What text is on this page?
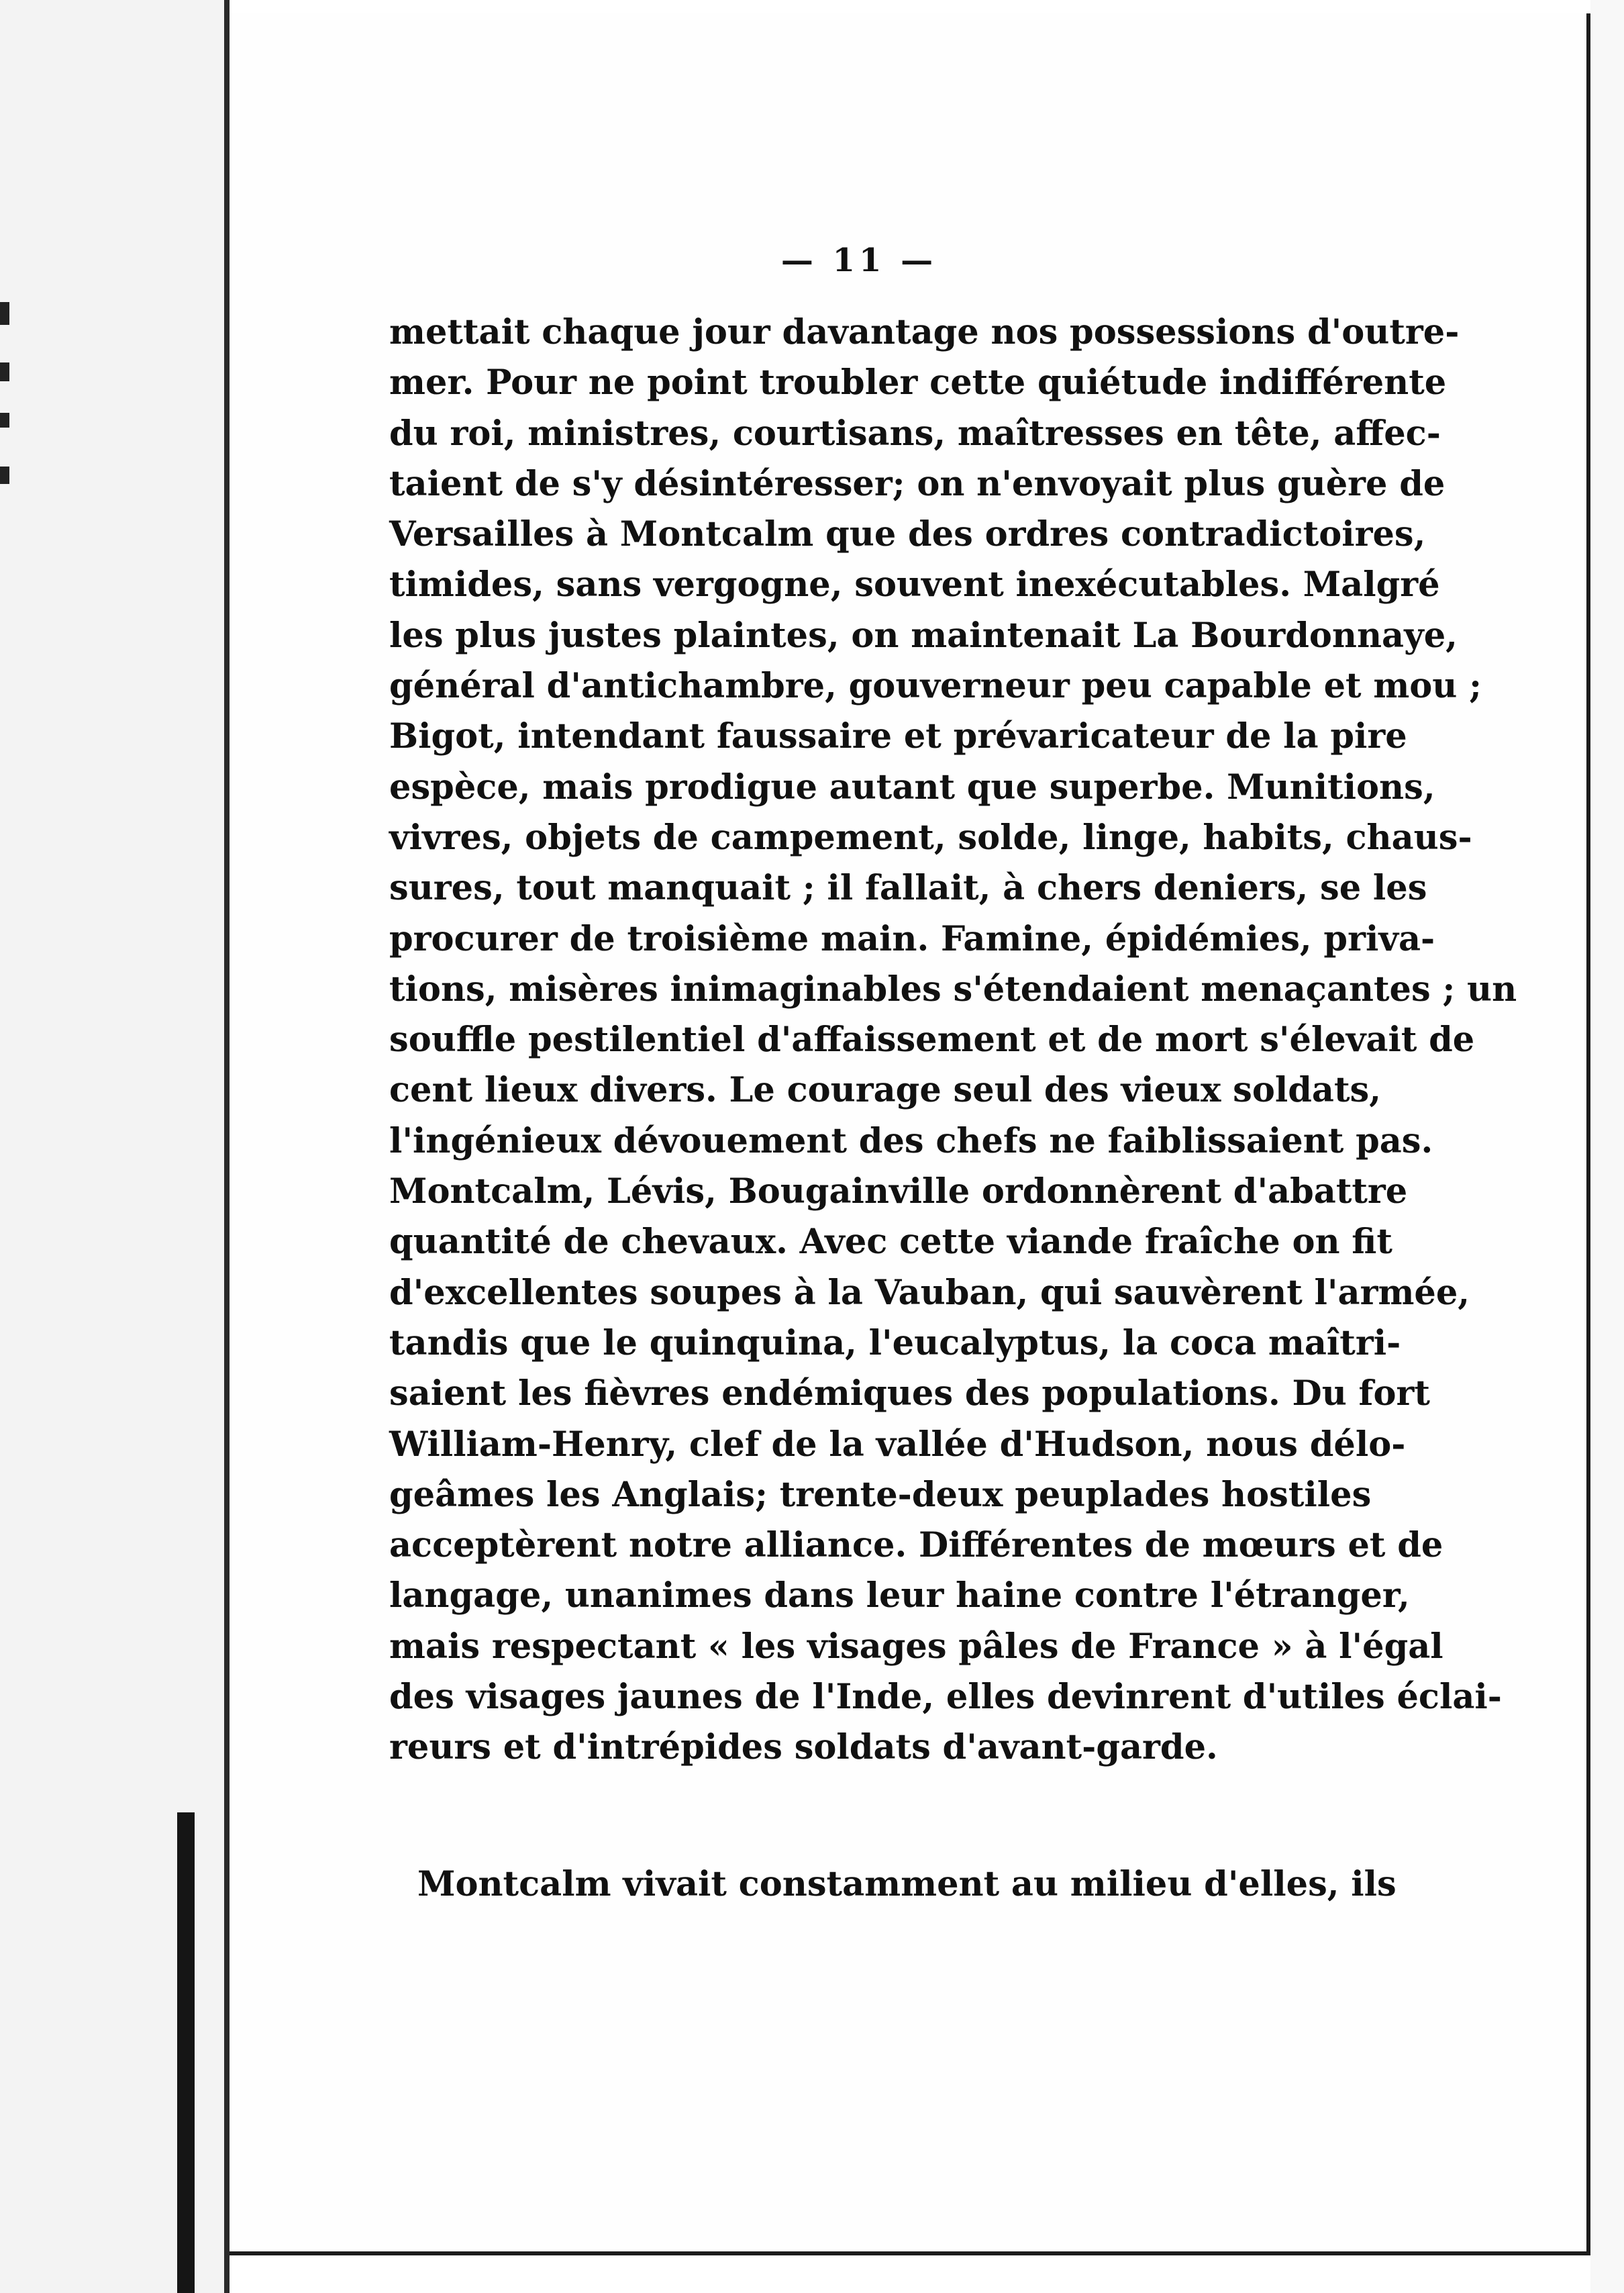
— 11 —
mettait chaque jour davantage nos possessions d'outre-
mer. Pour ne point troubler cette quiétude indifférente
du roi, ministres, courtisans, maîtresses en tête, affec-
taient de s'y désintéresser; on n'envoyait plus guère de
Versailles à Montcalm que des ordres contradictoires,
timides, sans vergogne, souvent inexécutables. Malgré
les plus justes plaintes, on maintenait La Bourdonnaye,
général d'antichambre, gouverneur peu capable et mou ;
Bigot, intendant faussaire et prévaricateur de la pire
espèce, mais prodigue autant que superbe. Munitions,
vivres, objets de campement, solde, linge, habits, chaus-
sures, tout manquait ; il fallait, à chers deniers, se les
procurer de troisième main. Famine, épidémies, priva-
tions, misères inimaginables s'étendaient menaçantes ; un
souffle pestilentiel d'affaissement et de mort s'élevait de
cent lieux divers. Le courage seul des vieux soldats,
l'ingénieux dévouement des chefs ne faiblissaient pas.
Montcalm, Lévis, Bougainville ordonnèrent d'abattre
quantité de chevaux. Avec cette viande fraîche on fit
d'excellentes soupes à la Vauban, qui sauvèrent l'armée,
tandis que le quinquina, l'eucalyptus, la coca maîtri-
saient les fièvres endémiques des populations. Du fort
William-Henry, clef de la vallée d'Hudson, nous délo-
geâmes les Anglais; trente-deux peuplades hostiles
acceptèrent notre alliance. Différentes de mœurs et de
langage, unanimes dans leur haine contre l'étranger,
mais respectant « les visages pâles de France » à l'égal
des visages jaunes de l'Inde, elles devinrent d'utiles éclai-
reurs et d'intrépides soldats d'avant-garde.
Montcalm vivait constamment au milieu d'elles, ils
